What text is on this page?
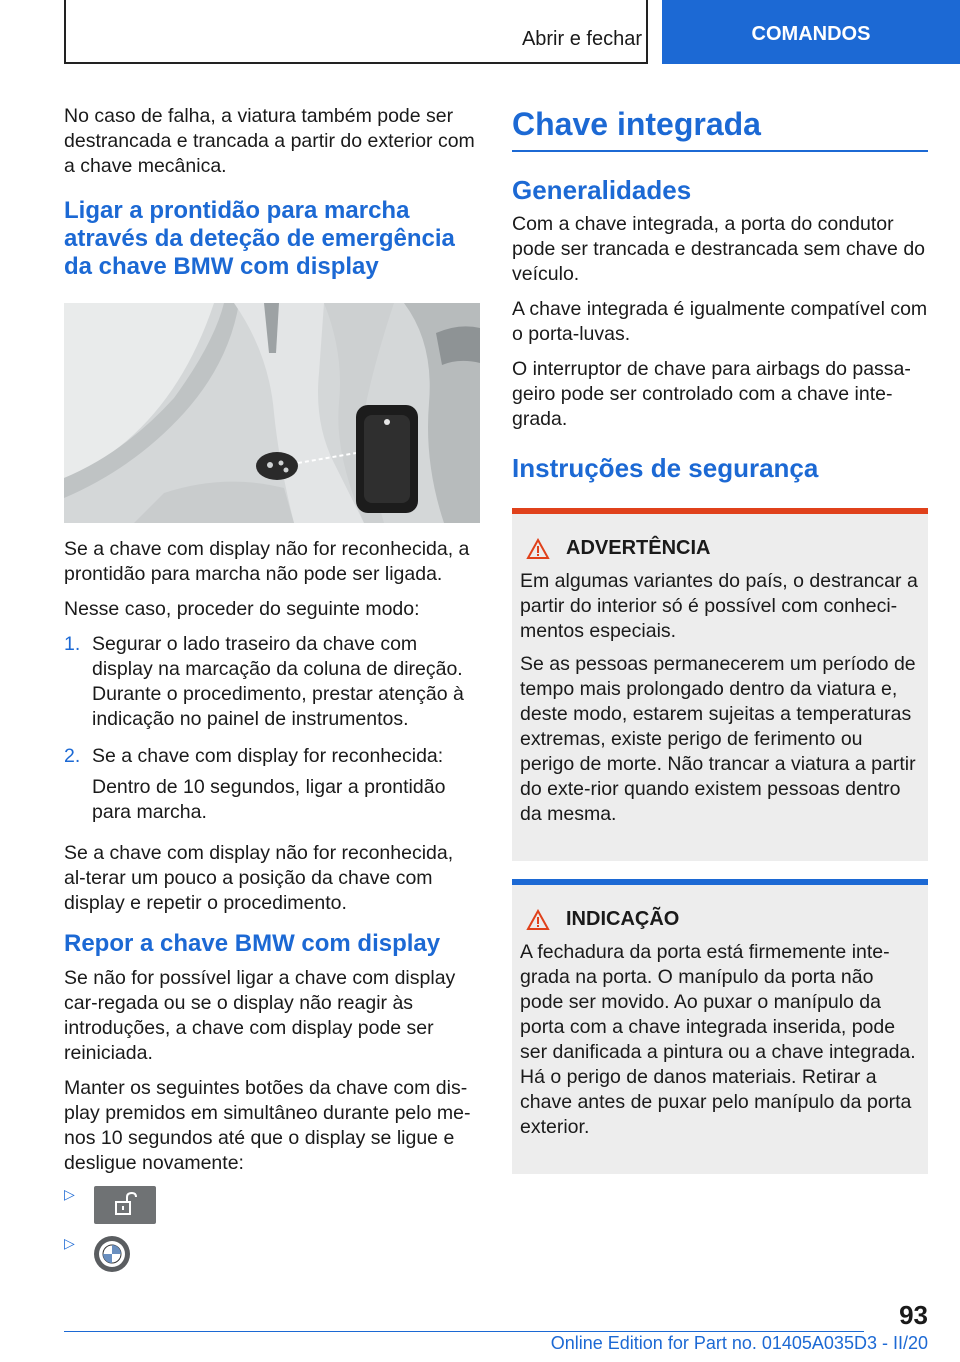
Abrir e fechar	COMANDOS

No caso de falha, a viatura também pode ser destrancada e trancada a partir do exterior com a chave mecânica.

Ligar a prontidão para marcha através da deteção de emergência da chave BMW com display

Se a chave com display não for reconhecida, a prontidão para marcha não pode ser ligada.

Nesse caso, proceder do seguinte modo:

1. Segurar o lado traseiro da chave com display na marcação da coluna de direção. Durante o procedimento, prestar atenção à indicação no painel de instrumentos.

2. Se a chave com display for reconhecida:

Dentro de 10 segundos, ligar a prontidão para marcha.

Se a chave com display não for reconhecida, al-terar um pouco a posição da chave com display e repetir o procedimento.

Repor a chave BMW com display

Se não for possível ligar a chave com display car-regada ou se o display não reagir às introduções, a chave com display pode ser reiniciada.

Manter os seguintes botões da chave com dis-play premidos em simultâneo durante pelo me-nos 10 segundos até que o display se ligue e desligue novamente:

▷
▷
Chave integrada
Generalidades

Com a chave integrada, a porta do condutor pode ser trancada e destrancada sem chave do veículo.

A chave integrada é igualmente compatível com o porta-luvas.

O interruptor de chave para airbags do passa-geiro pode ser controlado com a chave inte-grada.

Instruções de segurança
ADVERTÊNCIA

Em algumas variantes do país, o destrancar a partir do interior só é possível com conheci-mentos especiais.

Se as pessoas permanecerem um período de tempo mais prolongado dentro da viatura e, deste modo, estarem sujeitas a temperaturas extremas, existe perigo de ferimento ou perigo de morte. Não trancar a viatura a partir do exte-rior quando existem pessoas dentro da mesma.

INDICAÇÃO

A fechadura da porta está firmemente inte-grada na porta. O manípulo da porta não pode ser movido. Ao puxar o manípulo da porta com a chave integrada inserida, pode ser danificada a pintura ou a chave integrada. Há o perigo de danos materiais. Retirar a chave antes de puxar pelo manípulo da porta exterior.

93
Online Edition for Part no. 01405A035D3 - II/20
